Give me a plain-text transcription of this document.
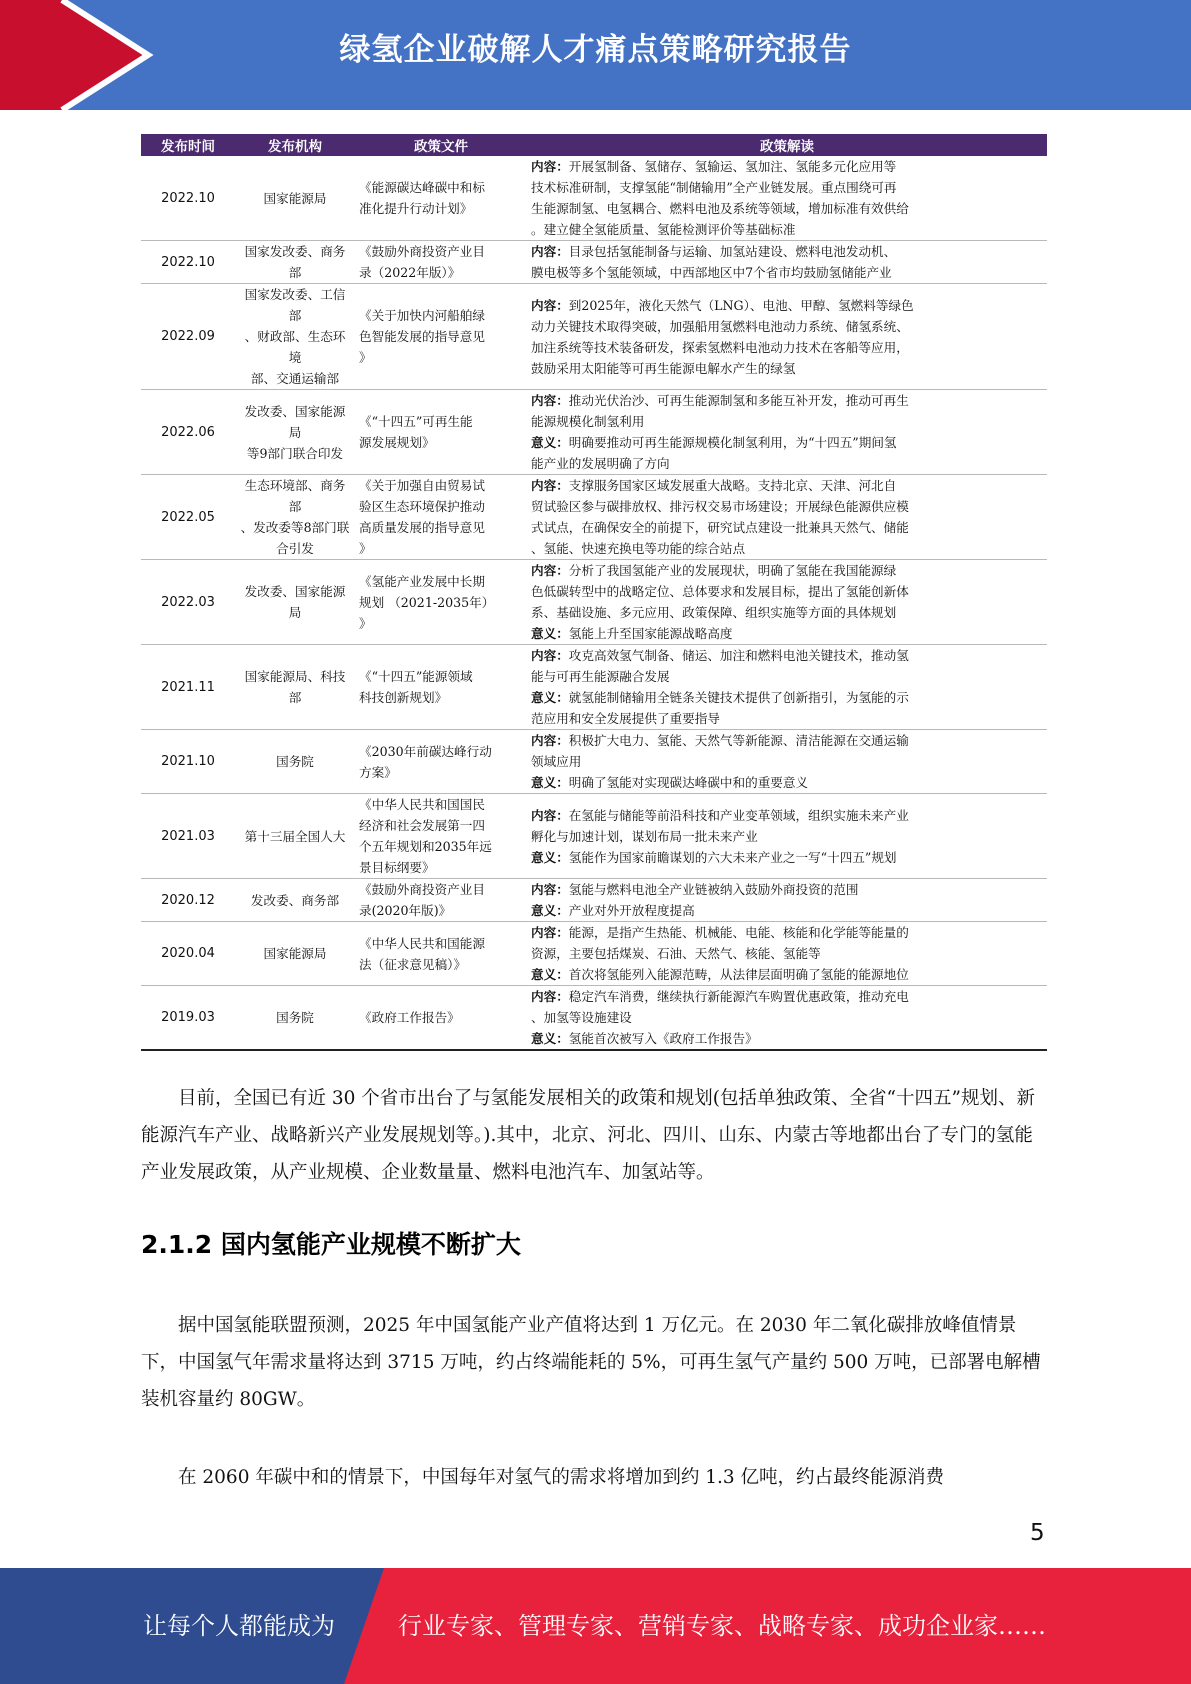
绿氢企业破解人才痛点策略研究报告
发布时间	发布机构	政策文件	政策解读
2022.10	国家能源局	《能源碳达峰碳中和标
准化提升行动计划》	内容：开展氢制备、氢储存、氢输运、氢加注、氢能多元化应用等
技术标准研制，支撑氢能“制储输用”全产业链发展。重点围绕可再
生能源制氢、电氢耦合、燃料电池及系统等领域，增加标准有效供给
。建立健全氢能质量、氢能检测评价等基础标准

2022.10	国家发改委、商务部	《鼓励外商投资产业目
录（2022年版）》	内容：目录包括氢能制备与运输、加氢站建设、燃料电池发动机、
膜电极等多个氢能领域，中西部地区中7个省市均鼓励氢储能产业

2022.09	国家发改委、工信部
、财政部、生态环境
部、交通运输部	《关于加快内河船舶绿
色智能发展的指导意见
》	内容：到2025年，液化天然气（LNG）、电池、甲醇、氢燃料等绿色
动力关键技术取得突破，加强船用氢燃料电池动力系统、储氢系统、
加注系统等技术装备研发，探索氢燃料电池动力技术在客船等应用，
鼓励采用太阳能等可再生能源电解水产生的绿氢

2022.06	发改委、国家能源局
等9部门联合印发	《“十四五”可再生能
源发展规划》	内容：推动光伏治沙、可再生能源制氢和多能互补开发，推动可再生
能源规模化制氢利用
意义：明确要推动可再生能源规模化制氢利用，为“十四五”期间氢
能产业的发展明确了方向

2022.05	生态环境部、商务部
、发改委等8部门联
合引发	《关于加强自由贸易试
验区生态环境保护推动
高质量发展的指导意见
》	内容：支撑服务国家区域发展重大战略。支持北京、天津、河北自
贸试验区参与碳排放权、排污权交易市场建设；开展绿色能源供应模
式试点，在确保安全的前提下，研究试点建设一批兼具天然气、储能
、氢能、快速充换电等功能的综合站点

2022.03	发改委、国家能源局	《氢能产业发展中长期
规划 （2021-2035年）
》	内容：分析了我国氢能产业的发展现状，明确了氢能在我国能源绿
色低碳转型中的战略定位、总体要求和发展目标，提出了氢能创新体
系、基础设施、多元应用、政策保障、组织实施等方面的具体规划
意义：氢能上升至国家能源战略高度

2021.11	国家能源局、科技部	《“十四五”能源领域
科技创新规划》	内容：攻克高效氢气制备、储运、加注和燃料电池关键技术，推动氢
能与可再生能源融合发展
意义：就氢能制储输用全链条关键技术提供了创新指引，为氢能的示
范应用和安全发展提供了重要指导

2021.10	国务院	《2030年前碳达峰行动
方案》	内容：积极扩大电力、氢能、天然气等新能源、清洁能源在交通运输
领域应用
意义：明确了氢能对实现碳达峰碳中和的重要意义

2021.03	第十三届全国人大	《中华人民共和国国民
经济和社会发展第一四
个五年规划和2035年远
景目标纲要》	内容：在氢能与储能等前沿科技和产业变革领域，组织实施未来产业
孵化与加速计划，谋划布局一批未来产业
意义：氢能作为国家前瞻谋划的六大未来产业之一写“十四五”规划

2020.12	发改委、商务部	《鼓励外商投资产业目
录(2020年版)》	内容：氢能与燃料电池全产业链被纳入鼓励外商投资的范围
意义：产业对外开放程度提高

2020.04	国家能源局	《中华人民共和国能源
法（征求意见稿）》	内容：能源，是指产生热能、机械能、电能、核能和化学能等能量的
资源，主要包括煤炭、石油、天然气、核能、氢能等
意义：首次将氢能列入能源范畴，从法律层面明确了氢能的能源地位

2019.03	国务院	《政府工作报告》	内容：稳定汽车消费，继续执行新能源汽车购置优惠政策，推动充电
、加氢等设施建设
意义：氢能首次被写入《政府工作报告》

目前，全国已有近 30 个省市出台了与氢能发展相关的政策和规划(包括单独政策、全省“十四五”规划、新能源汽车产业、战略新兴产业发展规划等。).其中，北京、河北、四川、山东、内蒙古等地都出台了专门的氢能产业发展政策，从产业规模、企业数量量、燃料电池汽车、加氢站等。

2.1.2 国内氢能产业规模不断扩大

据中国氢能联盟预测，2025 年中国氢能产业产值将达到 1 万亿元。在 2030 年二氧化碳排放峰值情景下，中国氢气年需求量将达到 3715 万吨，约占终端能耗的 5%，可再生氢气产量约 500 万吨，已部署电解槽装机容量约 80GW。

在 2060 年碳中和的情景下，中国每年对氢气的需求将增加到约 1.3 亿吨，约占最终能源消费

5
让每个人都能成为	行业专家、管理专家、营销专家、战略专家、成功企业家……
